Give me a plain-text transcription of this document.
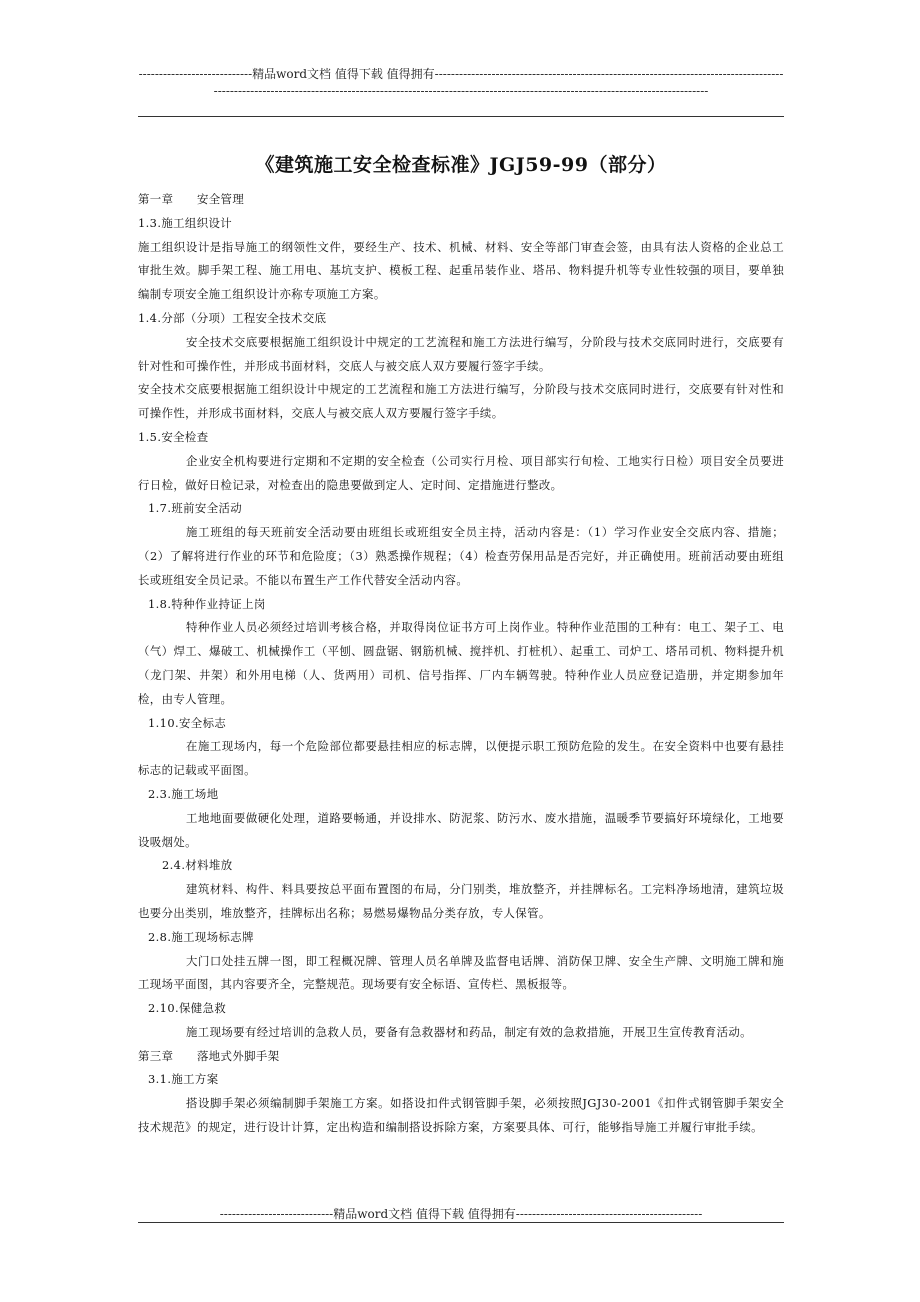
----------------------------精品word文档 值得下载 值得拥有----------------------------------------------------------------------------------------------------------------------------------------------------------------------------------------------------------------
《建筑施工安全检查标准》JGJ59-99（部分）

第一章　　安全管理

1.3.施工组织设计

施工组织设计是指导施工的纲领性文件，要经生产、技术、机械、材料、安全等部门审查会签，由具有法人资格的企业总工审批生效。脚手架工程、施工用电、基坑支护、模板工程、起重吊装作业、塔吊、物料提升机等专业性较强的项目，要单独编制专项安全施工组织设计亦称专项施工方案。

1.4.分部（分项）工程安全技术交底

安全技术交底要根据施工组织设计中规定的工艺流程和施工方法进行编写，分阶段与技术交底同时进行，交底要有针对性和可操作性，并形成书面材料，交底人与被交底人双方要履行签字手续。

安全技术交底要根据施工组织设计中规定的工艺流程和施工方法进行编写，分阶段与技术交底同时进行，交底要有针对性和可操作性，并形成书面材料，交底人与被交底人双方要履行签字手续。

1.5.安全检查

企业安全机构要进行定期和不定期的安全检查（公司实行月检、项目部实行旬检、工地实行日检）项目安全员要进行日检，做好日检记录，对检查出的隐患要做到定人、定时间、定措施进行整改。

1.7.班前安全活动

施工班组的每天班前安全活动要由班组长或班组安全员主持，活动内容是：（1）学习作业安全交底内容、措施；（2）了解将进行作业的环节和危险度；（3）熟悉操作规程；（4）检查劳保用品是否完好，并正确使用。班前活动要由班组长或班组安全员记录。不能以布置生产工作代替安全活动内容。

1.8.特种作业持证上岗

特种作业人员必须经过培训考核合格，并取得岗位证书方可上岗作业。特种作业范围的工种有：电工、架子工、电（气）焊工、爆破工、机械操作工（平刨、圆盘锯、钢筋机械、搅拌机、打桩机）、起重工、司炉工、塔吊司机、物料提升机（龙门架、井架）和外用电梯（人、货两用）司机、信号指挥、厂内车辆驾驶。特种作业人员应登记造册，并定期参加年检，由专人管理。

1.10.安全标志

在施工现场内，每一个危险部位都要悬挂相应的标志牌，以便提示职工预防危险的发生。在安全资料中也要有悬挂标志的记载或平面图。

2.3.施工场地

工地地面要做硬化处理，道路要畅通，并设排水、防泥浆、防污水、废水措施，温暖季节要搞好环境绿化，工地要设吸烟处。

2.4.材料堆放

建筑材料、构件、料具要按总平面布置图的布局，分门别类，堆放整齐，并挂牌标名。工完料净场地清，建筑垃圾也要分出类别，堆放整齐，挂牌标出名称；易燃易爆物品分类存放，专人保管。

2.8.施工现场标志牌

大门口处挂五牌一图，即工程概况牌、管理人员名单牌及监督电话牌、消防保卫牌、安全生产牌、文明施工牌和施工现场平面图，其内容要齐全，完整规范。现场要有安全标语、宣传栏、黑板报等。

2.10.保健急救

施工现场要有经过培训的急救人员，要备有急救器材和药品，制定有效的急救措施，开展卫生宣传教育活动。

第三章　　落地式外脚手架

3.1.施工方案

搭设脚手架必须编制脚手架施工方案。如搭设扣件式钢管脚手架，必须按照JGJ30-2001《扣件式钢管脚手架安全技术规范》的规定，进行设计计算，定出构造和编制搭设拆除方案，方案要具体、可行，能够指导施工并履行审批手续。

----------------------------精品word文档 值得下载 值得拥有----------------------------------------------
